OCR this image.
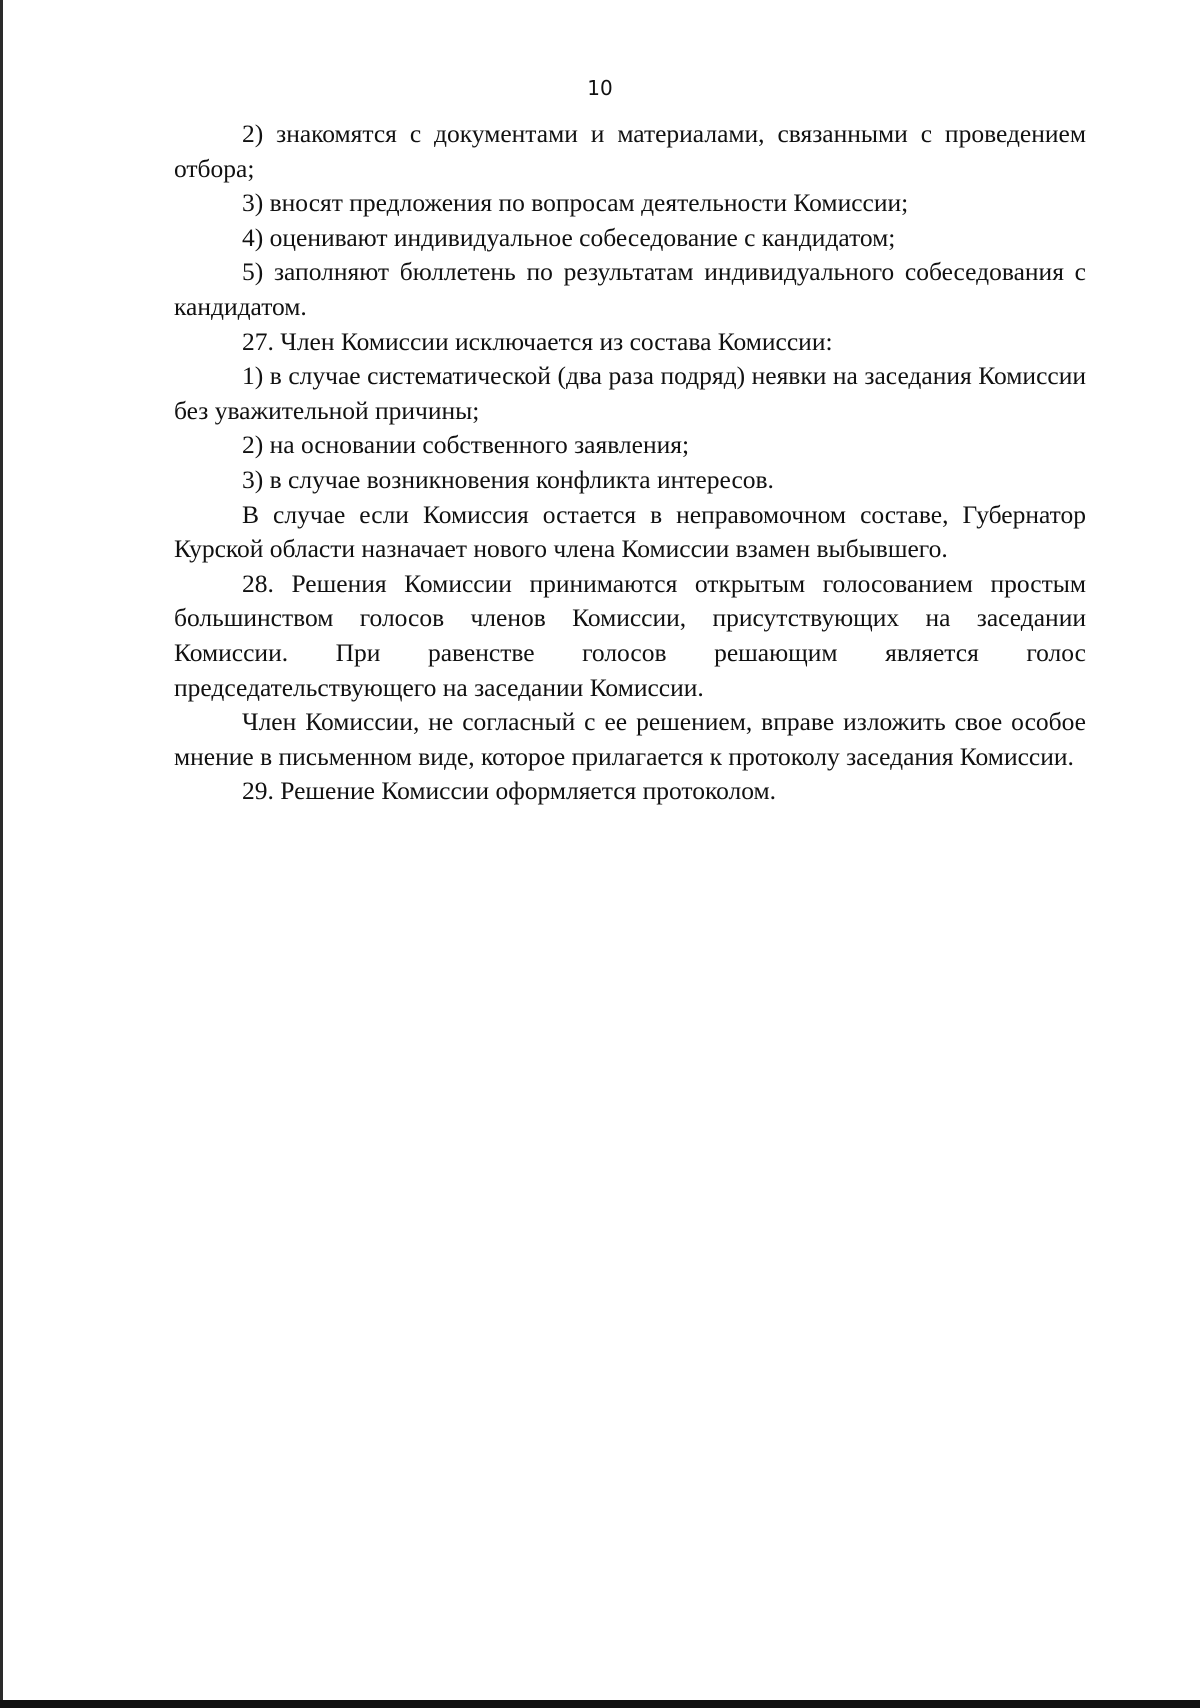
10

2) знакомятся с документами и материалами, связанными с проведением отбора;

3) вносят предложения по вопросам деятельности Комиссии;

4) оценивают индивидуальное собеседование с кандидатом;

5) заполняют бюллетень по результатам индивидуального собеседования с кандидатом.

27. Член Комиссии исключается из состава Комиссии:

1) в случае систематической (два раза подряд) неявки на заседания Комиссии без уважительной причины;

2) на основании собственного заявления;

3) в случае возникновения конфликта интересов.

В случае если Комиссия остается в неправомочном составе, Губернатор Курской области назначает нового члена Комиссии взамен выбывшего.

28. Решения Комиссии принимаются открытым голосованием простым большинством голосов членов Комиссии, присутствующих на заседании Комиссии. При равенстве голосов решающим является голос председательствующего на заседании Комиссии.

Член Комиссии, не согласный с ее решением, вправе изложить свое особое мнение в письменном виде, которое прилагается к протоколу заседания Комиссии.

29. Решение Комиссии оформляется протоколом.
